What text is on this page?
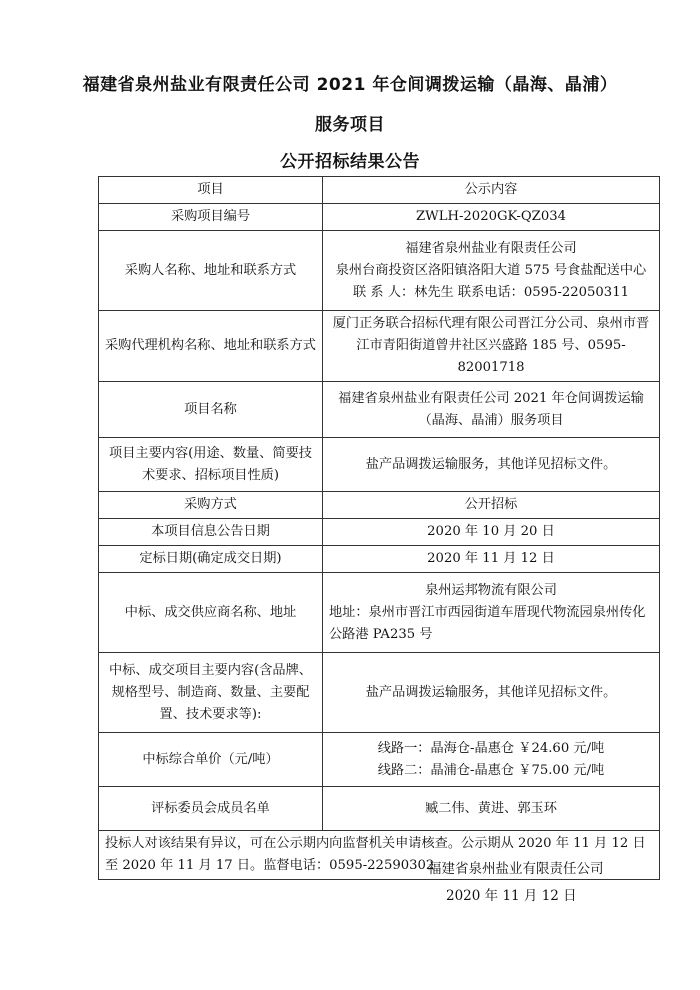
福建省泉州盐业有限责任公司 2021 年仓间调拨运输（晶海、晶浦）
服务项目
公开招标结果公告
项目	公示内容
采购项目编号	ZWLH-2020GK-QZ034

采购人名称、地址和联系方式	福建省泉州盐业有限责任公司
泉州台商投资区洛阳镇洛阳大道 575 号食盐配送中心
联 系 人：林先生 联系电话：0595-22050311

采购代理机构名称、地址和联系方式	厦门正务联合招标代理有限公司晋江分公司、泉州市晋江市青阳街道曾井社区兴盛路 185 号、0595-82001718

项目名称	福建省泉州盐业有限责任公司 2021 年仓间调拨运输（晶海、晶浦）服务项目

项目主要内容(用途、数量、简要技术要求、招标项目性质)	盐产品调拨运输服务，其他详见招标文件。

采购方式	公开招标

本项目信息公告日期	2020 年 10 月 20 日

定标日期(确定成交日期)	2020 年 11 月 12 日

中标、成交供应商名称、地址	泉州运邦物流有限公司
地址：泉州市晋江市西园街道车厝现代物流园泉州传化公路港 PA235 号

中标、成交项目主要内容(含品牌、规格型号、制造商、数量、主要配置、技术要求等):	盐产品调拨运输服务，其他详见招标文件。

中标综合单价（元/吨）	线路一：晶海仓-晶惠仓 ￥24.60 元/吨
线路二：晶浦仓-晶惠仓 ￥75.00 元/吨

评标委员会成员名单	臧二伟、黄进、郭玉环

投标人对该结果有异议，可在公示期内向监督机关申请核查。公示期从 2020 年 11 月 12 日至 2020 年 11 月 17 日。监督电话：0595-22590302	
福建省泉州盐业有限责任公司
2020 年 11 月 12 日
